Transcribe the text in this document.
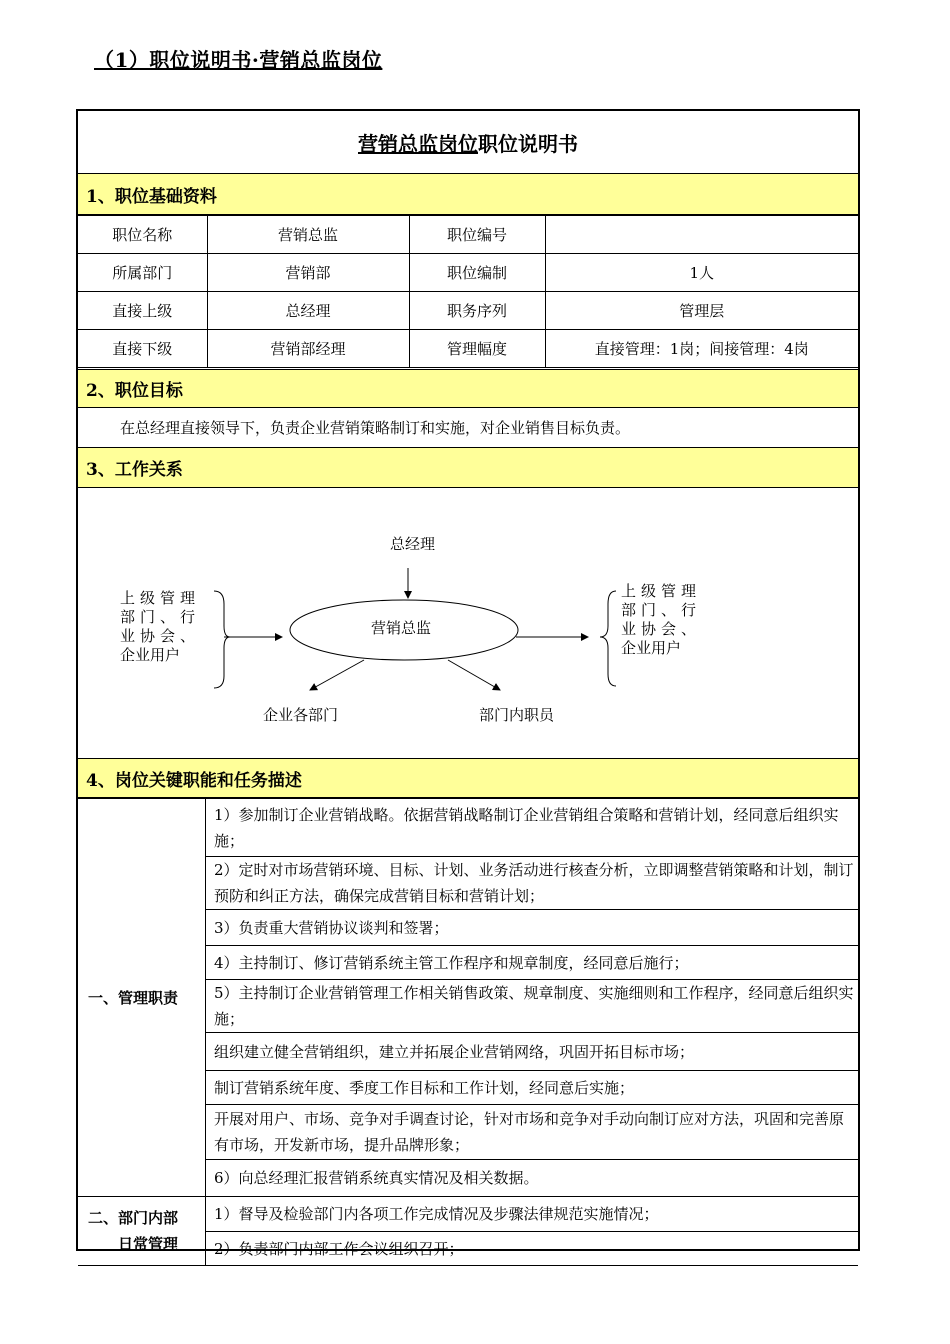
（1）职位说明书·营销总监岗位
营销总监岗位 职位说明书
1、职位基础资料
职位名称	营销总监	职位编号	
所属部门	营销部	职位编制	1人
直接上级	总经理	职务序列	管理层
直接下级	营销部经理	管理幅度	直接管理：1岗；间接管理：4岗
2、职位目标
在总经理直接领导下，负责企业营销策略制订和实施，对企业销售目标负责。
3、工作关系
总经理
营销总监
上级管理
部门、行
业协会、
企业用户
上级管理
部门、行
业协会、
企业用户
企业各部门	部门内职员
4、岗位关键职能和任务描述
一、管理职责	1）参加制订企业营销战略。依据营销战略制订企业营销组合策略和营销计划，经同意后组织实施；
	2）定时对市场营销环境、目标、计划、业务活动进行核查分析，立即调整营销策略和计划，制订预防和纠正方法，确保完成营销目标和营销计划；
	3）负责重大营销协议谈判和签署；
	4）主持制订、修订营销系统主管工作程序和规章制度，经同意后施行；
	5）主持制订企业营销管理工作相关销售政策、规章制度、实施细则和工作程序，经同意后组织实施；
	组织建立健全营销组织，建立并拓展企业营销网络，巩固开拓目标市场；
	制订营销系统年度、季度工作目标和工作计划，经同意后实施；
	开展对用户、市场、竞争对手调查讨论，针对市场和竞争对手动向制订应对方法，巩固和完善原有市场，开发新市场，提升品牌形象；
	6）向总经理汇报营销系统真实情况及相关数据。

二、部门内部
日常管理	1）督导及检验部门内各项工作完成情况及步骤法律规范实施情况；
	2）负责部门内部工作会议组织召开；
